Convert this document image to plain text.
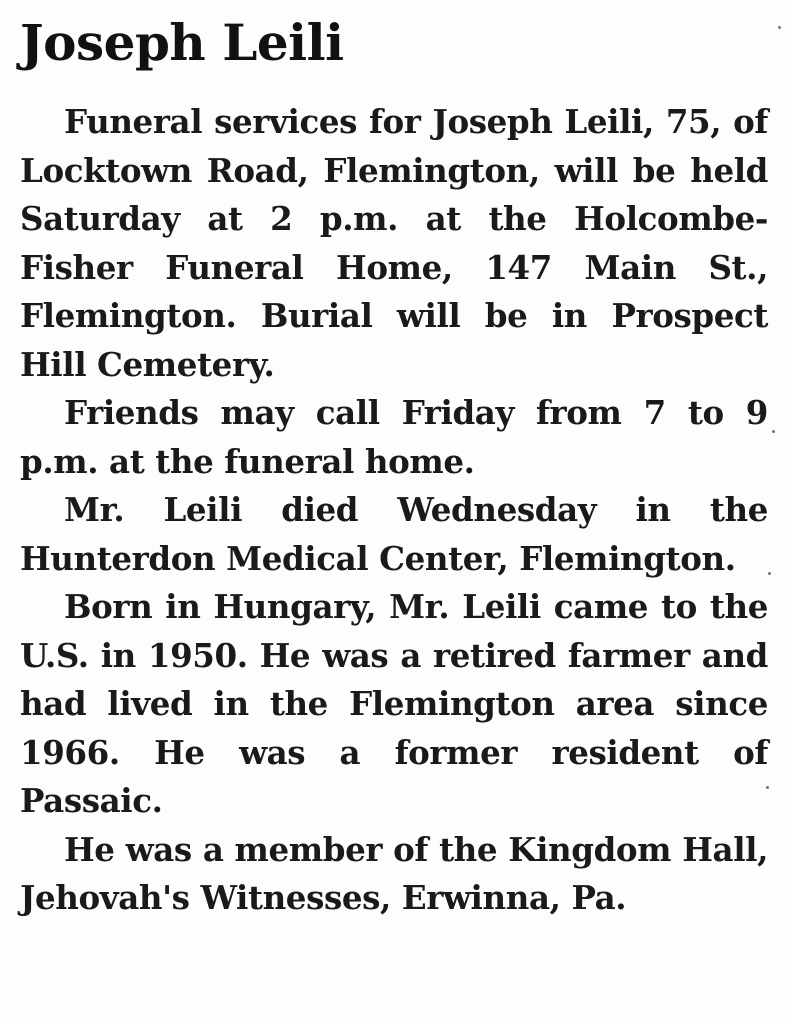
Joseph Leili

Funeral services for Joseph Leili, 75, of Locktown Road, Flemington, will be held Saturday at 2 p.m. at the Holcombe-Fisher Funeral Home, 147 Main St., Flemington. Burial will be in Prospect Hill Cemetery.

Friends may call Friday from 7 to 9 p.m. at the funeral home.

Mr. Leili died Wednesday in the Hunterdon Medical Center, Flemington.

Born in Hungary, Mr. Leili came to the U.S. in 1950. He was a retired farmer and had lived in the Flemington area since 1966. He was a former resident of Passaic.

He was a member of the Kingdom Hall, Jehovah's Witnesses, Erwinna, Pa.
